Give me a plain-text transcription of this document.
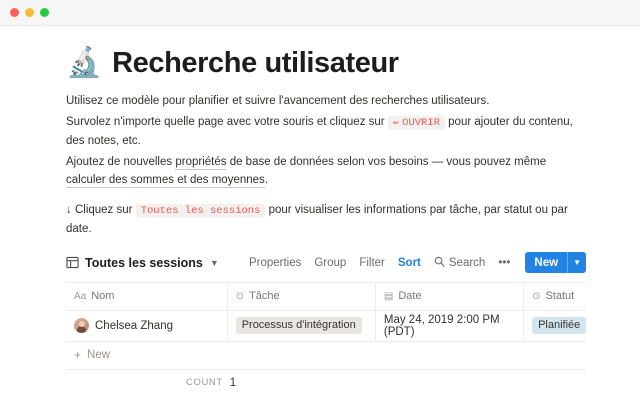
🔬 Recherche utilisateur

Utilisez ce modèle pour planifier et suivre l'avancement des recherches utilisateurs.

Survolez n'importe quelle page avec votre souris et cliquez sur ✏ OUVRIR pour ajouter du contenu, des notes, etc.

Ajoutez de nouvelles propriétés de base de données selon vos besoins — vous pouvez même calculer des sommes et des moyennes.

↓ Cliquez sur Toutes les sessions pour visualiser les informations par tâche, par statut ou par date.

Toutes les sessions ▼	Properties Group Filter Sort Search •••	New	▼
Aa Nom	⊙ Tâche	▤ Date	⊙ Statut

Chelsea Zhang	Processus d'intégration	May 24, 2019 2:00 PM (PDT)	Planifiée
+ New
COUNT 1
